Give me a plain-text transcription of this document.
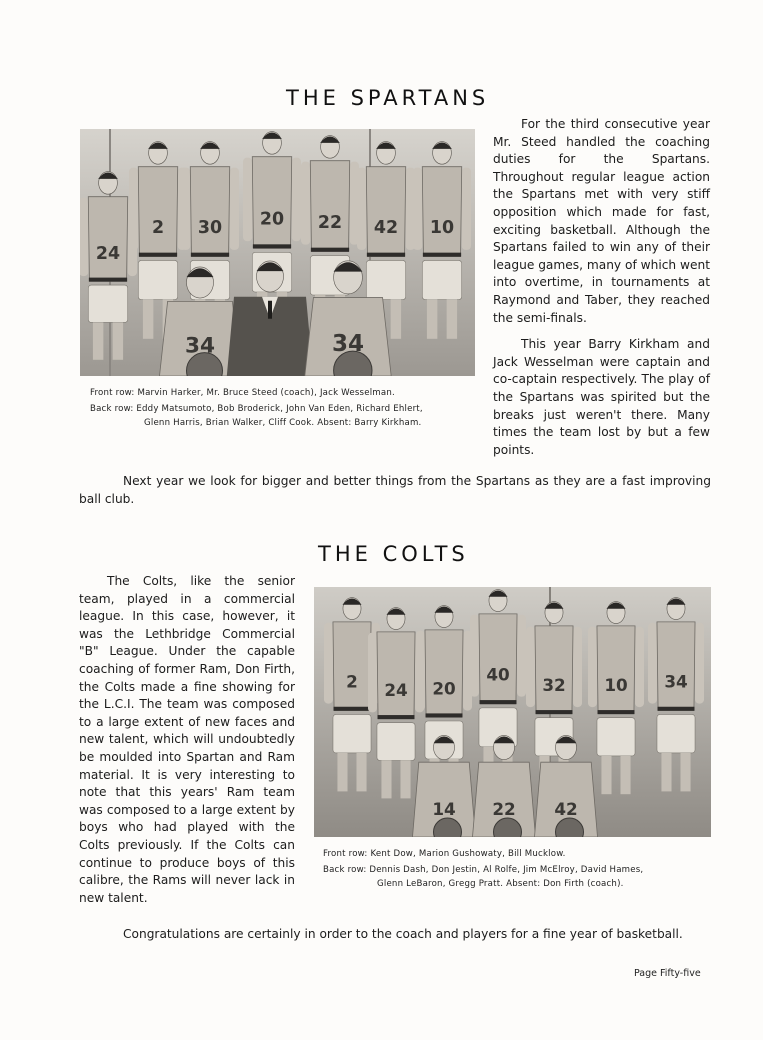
THE SPARTANS
24
2 30 20 22 42 10
34	34
Front row: Marvin Harker, Mr. Bruce Steed (coach), Jack Wesselman.
Back row: Eddy Matsumoto, Bob Broderick, John Van Eden, Richard Ehlert,
Glenn Harris, Brian Walker, Cliff Cook. Absent: Barry Kirkham.

For the third consecutive year Mr. Steed handled the coaching duties for the Spartans. Throughout regular league action the Spartans met with very stiff opposition which made for fast, exciting basketball. Although the Spartans failed to win any of their league games, many of which went into overtime, in tournaments at Raymond and Taber, they reached the semi-finals.

This year Barry Kirkham and Jack Wesselman were captain and co-captain respectively. The play of the Spartans was spirited but the breaks just weren't there. Many times the team lost by but a few points.

Next year we look for bigger and better things from the Spartans as they are a fast improving ball club.

THE COLTS

The Colts, like the senior team, played in a commercial league. In this case, however, it was the Lethbridge Commercial "B" League. Under the capable coaching of former Ram, Don Firth, the Colts made a fine showing for the L.C.I. The team was composed to a large extent of new faces and new talent, which will undoubtedly be moulded into Spartan and Ram material. It is very interesting to note that this years' Ram team was composed to a large extent by boys who had played with the Colts previously. If the Colts can continue to produce boys of this calibre, the Rams will never lack in new talent.

2 24 20
40
32 10 34
14 22 42
Front row: Kent Dow, Marion Gushowaty, Bill Mucklow.
Back row: Dennis Dash, Don Jestin, Al Rolfe, Jim McElroy, David Hames,
Glenn LeBaron, Gregg Pratt. Absent: Don Firth (coach).

Congratulations are certainly in order to the coach and players for a fine year of basketball.

Page Fifty-five
